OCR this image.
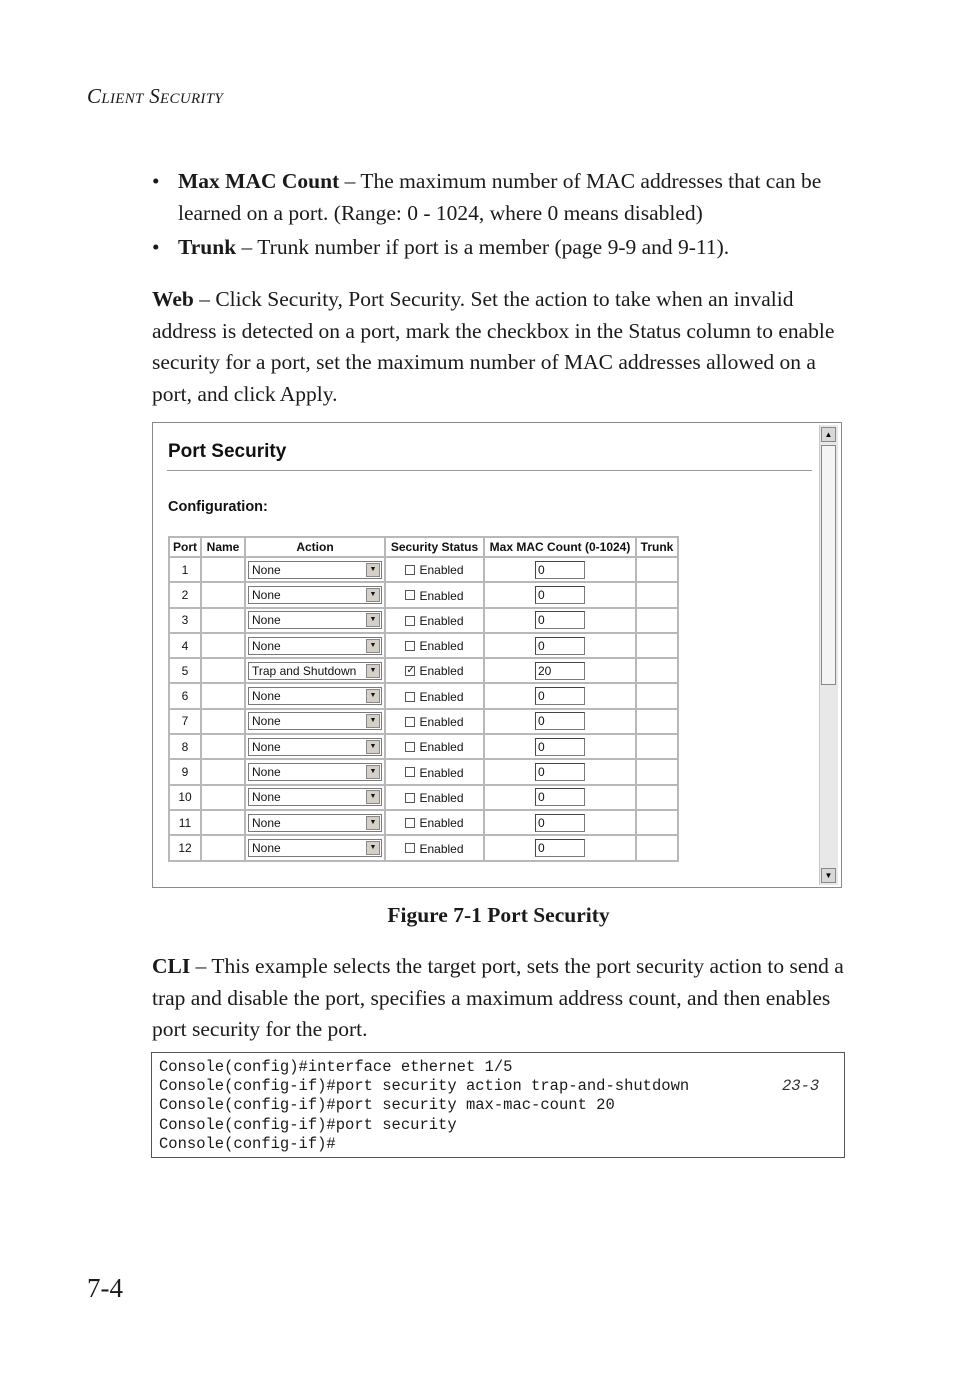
CLIENT SECURITY
• Max MAC Count – The maximum number of MAC addresses that can be learned on a port. (Range: 0 - 1024, where 0 means disabled)
• Trunk – Trunk number if port is a member (page 9-9 and 9-11).

Web – Click Security, Port Security. Set the action to take when an invalid address is detected on a port, mark the checkbox in the Status column to enable security for a port, set the maximum number of MAC addresses allowed on a port, and click Apply.

Port Security
Configuration:
Port	Name	Action	Security Status	Max MAC Count (0-1024)	Trunk
1		None ▼	Enabled	0	
2		None ▼	Enabled	0	
3		None ▼	Enabled	0	
4		None ▼	Enabled	0	
5		Trap and Shutdown ▼	✓ Enabled	20	
6		None ▼	Enabled	0	
7		None ▼	Enabled	0	
8		None ▼	Enabled	0	
9		None ▼	Enabled	0	
10		None ▼	Enabled	0	
11		None ▼	Enabled	0	
12		None ▼	Enabled	0	
▲
▼
Figure 7-1 Port Security

CLI – This example selects the target port, sets the port security action to send a trap and disable the port, specifies a maximum address count, and then enables port security for the port.

Console(config)#interface ethernet 1/5
Console(config-if)#port security action trap-and-shutdown	23-3
Console(config-if)#port security max-mac-count 20
Console(config-if)#port security
Console(config-if)#
7-4
